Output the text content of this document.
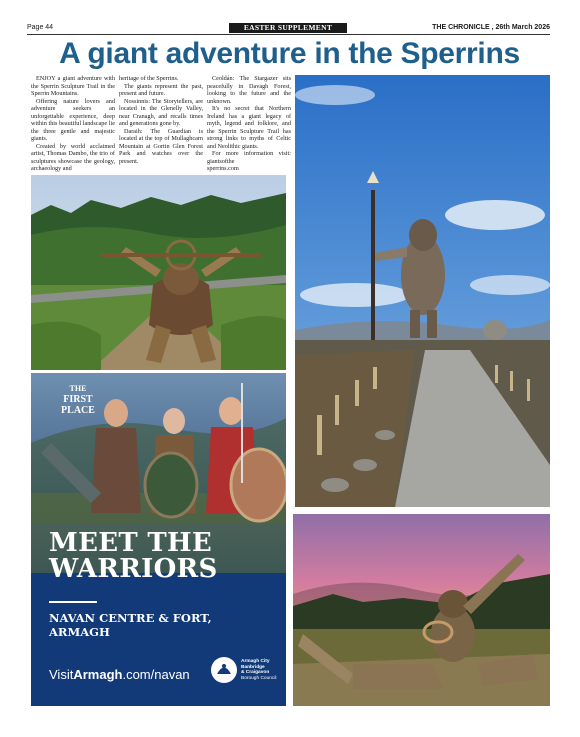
Page 44	EASTER SUPPLEMENT	THE CHRONICLE , 26th March 2026
A giant adventure in the Sperrins

ENJOY a giant adventure with the Sperrin Sculpture Trail in the Sperrin Mountains.

Offering nature lovers and adventure seekers an unforgettable experience, deep within this beautiful landscape lie the three gentle and majestic giants.

Created by world acclaimed artist, Thomas Dambo, the trio of sculptures showcase the geology, archaeology and

heritage of the Sperrins.

The giants represent the past, present and future.

Nossinnis: The Storytellers, are located in the Glenelly Valley, near Cranagh, and recalls times and generations gone by.

Daraih: The Guardian is located at the top of Mullaghcarn Mountain at Gortin Glen Forest Park and watches over the present.

Ceoldán: The Stargazer sits peacefully in Davagh Forest, looking to the future and the unknown.

It's no secret that Northern Ireland has a giant legacy of myth, legend and folklore, and the Sperrin Sculpture Trail has strong links to myths of Celtic and Neolithic giants.

For more information visit: giantsofthe

sperrins.com

THE
FIRST
PLACE
MEET THE
WARRIORS
NAVAN CENTRE & FORT,
ARMAGH
VisitArmagh.com/navan
Armagh City
Banbridge
& Craigavon
Borough Council
